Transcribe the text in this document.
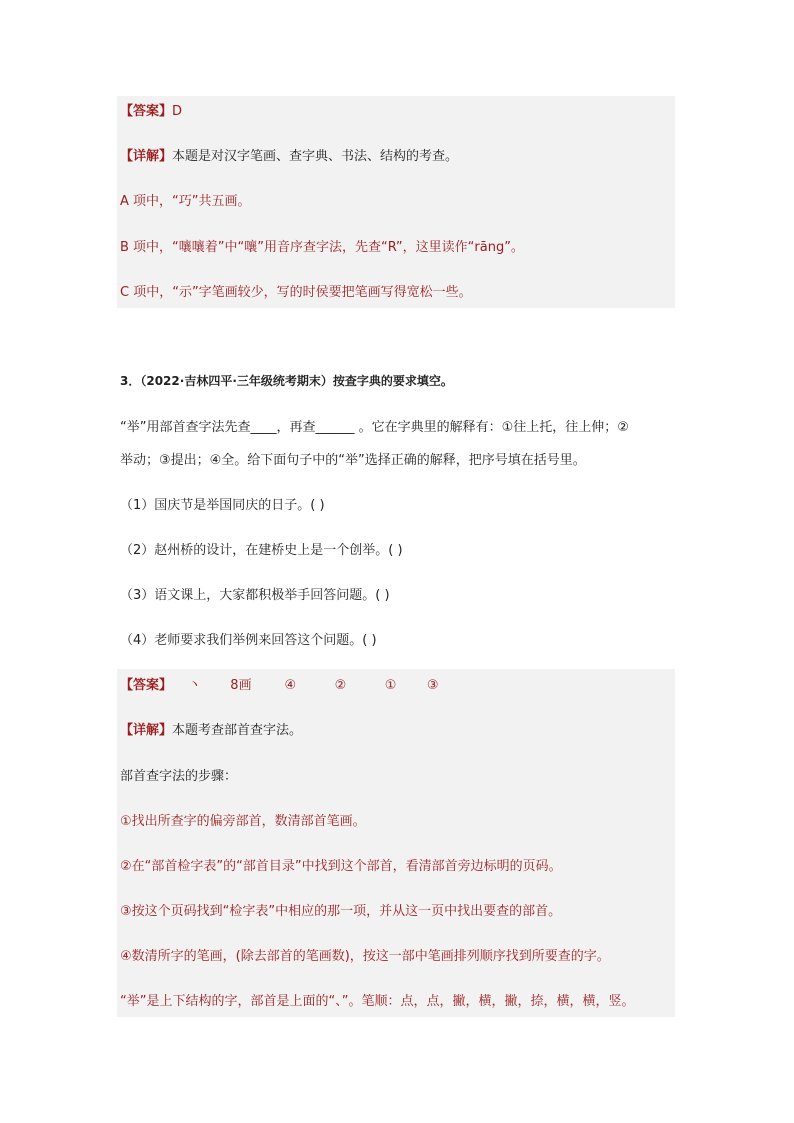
【答案】D
【详解】本题是对汉字笔画、查字典、书法、结构的考查。
A 项中，“巧”共五画。
B 项中，“嚷嚷着”中“嚷”用音序查字法，先查“R”，这里读作“rāng”。
C 项中，“示”字笔画较少，写的时侯要把笔画写得宽松一些。
3．（2022·吉林四平·三年级统考期末）按查字典的要求填空。
“举”用部首查字法先查____，再查______ 。它在字典里的解释有：①往上托，往上伸；②
举动；③提出；④全。给下面句子中的“举”选择正确的解释，把序号填在括号里。
（1）国庆节是举国同庆的日子。( )
（2）赵州桥的设计，在建桥史上是一个创举。( )
（3）语文课上，大家都积极举手回答问题。( )
（4）老师要求我们举例来回答这个问题。( )
【答案】 丶 8画	④	②	① ③
【详解】本题考查部首查字法。
部首查字法的步骤：
①找出所查字的偏旁部首，数清部首笔画。
②在“部首检字表”的“部首目录”中找到这个部首，看清部首旁边标明的页码。
③按这个页码找到“检字表”中相应的那一项，并从这一页中找出要查的部首。
④数清所字的笔画，(除去部首的笔画数)，按这一部中笔画排列顺序找到所要查的字。
“举”是上下结构的字，部首是上面的“、”。笔顺：点，点，撇，横，撇，捺，横，横，竖。
